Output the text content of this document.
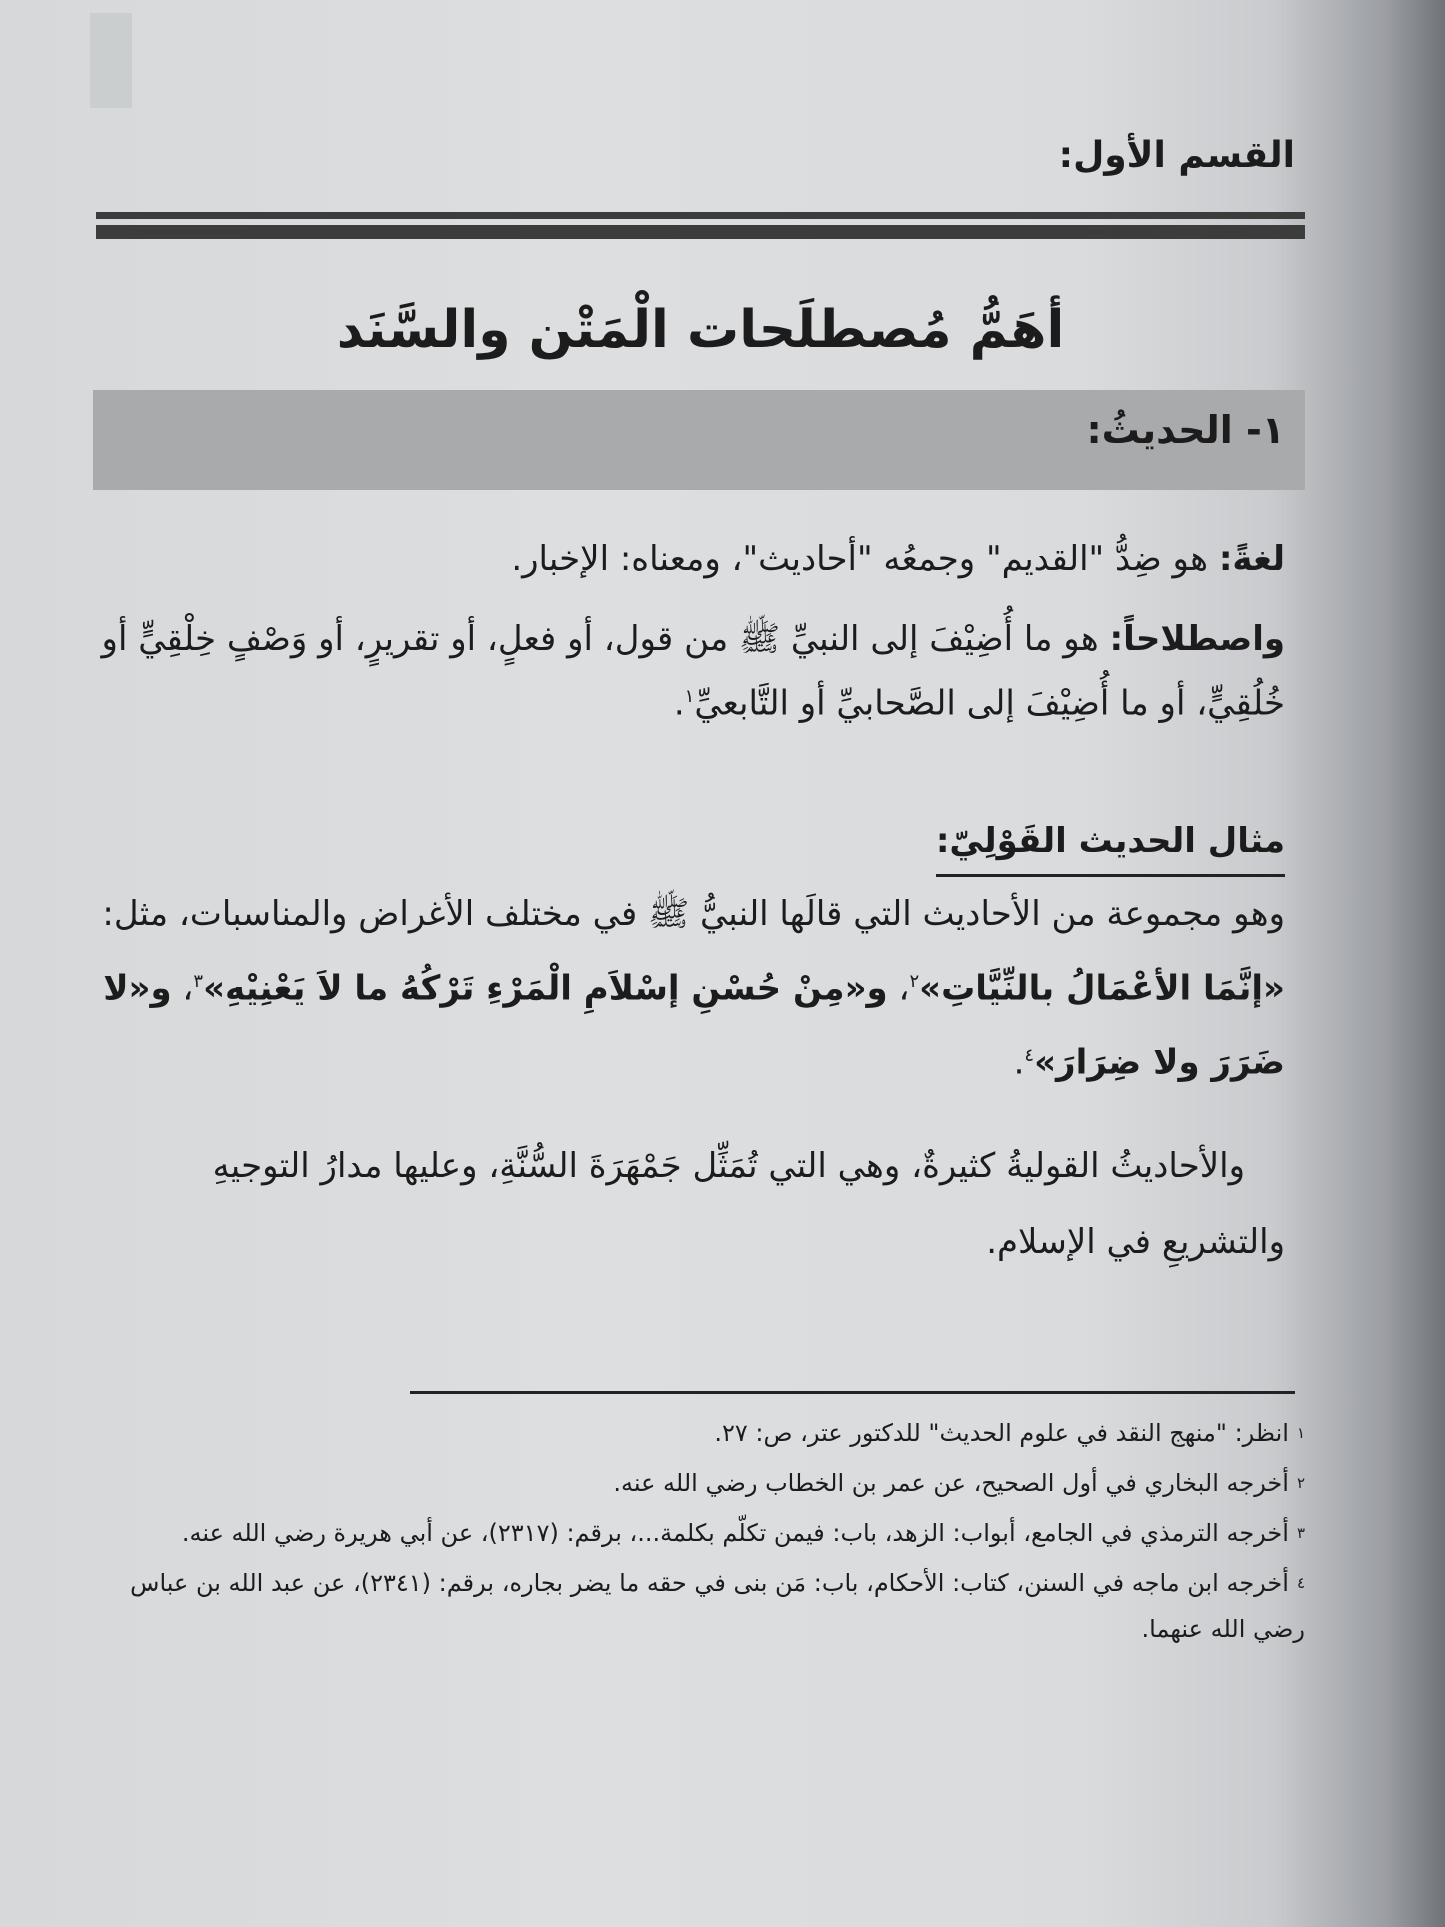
القسم الأول:
أهَمُّ مُصطلَحات الْمَتْن والسَّنَد
١- الحديثُ:
لغةً: هو ضِدُّ "القديم" وجمعُه "أحاديث"، ومعناه: الإخبار.
واصطلاحاً: هو ما أُضِيْفَ إلى النبيِّ ﷺ من قول، أو فعلٍ، أو تقريرٍ، أو وَصْفٍ خِلْقِيٍّ أو خُلُقِيٍّ، أو ما أُضِيْفَ إلى الصَّحابيِّ أو التَّابعيِّ$^١$.
مثال الحديث القَوْلِيّ:
وهو مجموعة من الأحاديث التي قالَها النبيُّ ﷺ في مختلف الأغراض والمناسبات، مثل: «إنَّمَا الأعْمَالُ بالنِّيَّاتِ»$^٢$، و«مِنْ حُسْنِ إسْلاَمِ الْمَرْءِ تَرْكُهُ ما لاَ يَعْنِيْهِ»$^٣$، و«لا ضَرَرَ ولا ضِرَارَ»$^٤$.
والأحاديثُ القوليةُ كثيرةٌ، وهي التي تُمَثِّل جَمْهَرَةَ السُّنَّةِ، وعليها مدارُ التوجيهِ والتشريعِ في الإسلام.
$^١$انظر: "منهج النقد في علوم الحديث" للدكتور عتر، ص: ٢٧.
$^٢$أخرجه البخاري في أول الصحيح، عن عمر بن الخطاب رضي الله عنه.
$^٣$أخرجه الترمذي في الجامع، أبواب: الزهد، باب: فيمن تكلّم بكلمة...، برقم: (٢٣١٧)، عن أبي هريرة رضي الله عنه.
$^٤$أخرجه ابن ماجه في السنن، كتاب: الأحكام، باب: مَن بنى في حقه ما يضر بجاره، برقم: (٢٣٤١)، عن عبد الله بن عباس رضي الله عنهما.
